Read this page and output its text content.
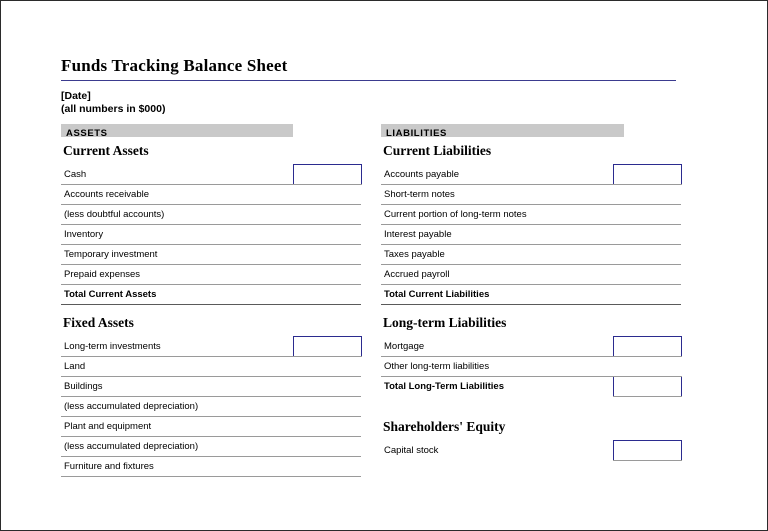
Funds Tracking Balance Sheet
[Date]
(all numbers in $000)
ASSETS
Current Assets
Cash	
Accounts receivable	
(less doubtful accounts)	
Inventory	
Temporary investment	
Prepaid expenses	
Total Current Assets	
Fixed Assets
Long-term investments	
Land	
Buildings	
(less accumulated depreciation)	
Plant and equipment	
(less accumulated depreciation)	
Furniture and fixtures	
LIABILITIES
Current Liabilities
Accounts payable	
Short-term notes	
Current portion of long-term notes	
Interest payable	
Taxes payable	
Accrued payroll	
Total Current Liabilities	
Long-term Liabilities
Mortgage	
Other long-term liabilities	
Total Long-Term Liabilities	
Shareholders' Equity
Capital stock	
